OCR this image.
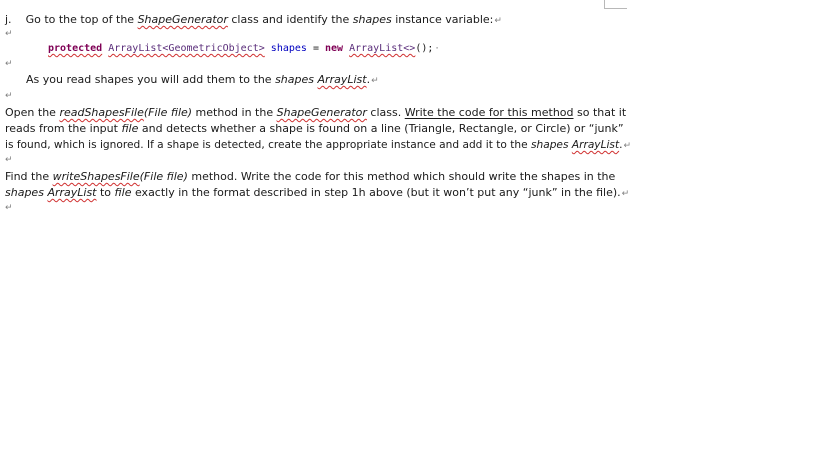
j. Go to the top of the ShapeGenerator class and identify the shapes instance variable:↵
↵
protected ArrayList<GeometricObject> shapes = new ArrayList<>();·
↵
As you read shapes you will add them to the shapes ArrayList.↵
↵
Open the readShapesFile(File file) method in the ShapeGenerator class. Write the code for this method so that it
reads from the input file and detects whether a shape is found on a line (Triangle, Rectangle, or Circle) or “junk”
is found, which is ignored. If a shape is detected, create the appropriate instance and add it to the shapes ArrayList.↵
↵
Find the writeShapesFile(File file) method. Write the code for this method which should write the shapes in the
shapes ArrayList to file exactly in the format described in step 1h above (but it won’t put any “junk” in the file).↵
↵
